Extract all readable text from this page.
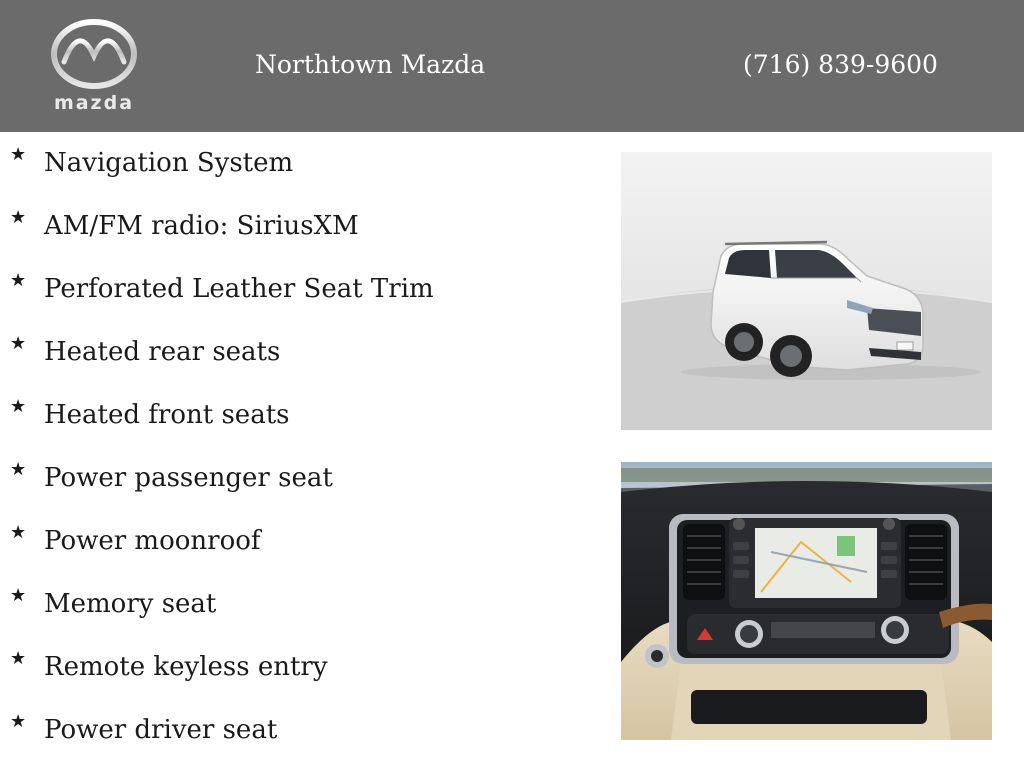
mazda
Northtown Mazda	(716) 839-9600
★ Navigation System
★ AM/FM radio: SiriusXM
★ Perforated Leather Seat Trim
★ Heated rear seats
★ Heated front seats
★ Power passenger seat
★ Power moonroof
★ Memory seat
★ Remote keyless entry
★ Power driver seat
